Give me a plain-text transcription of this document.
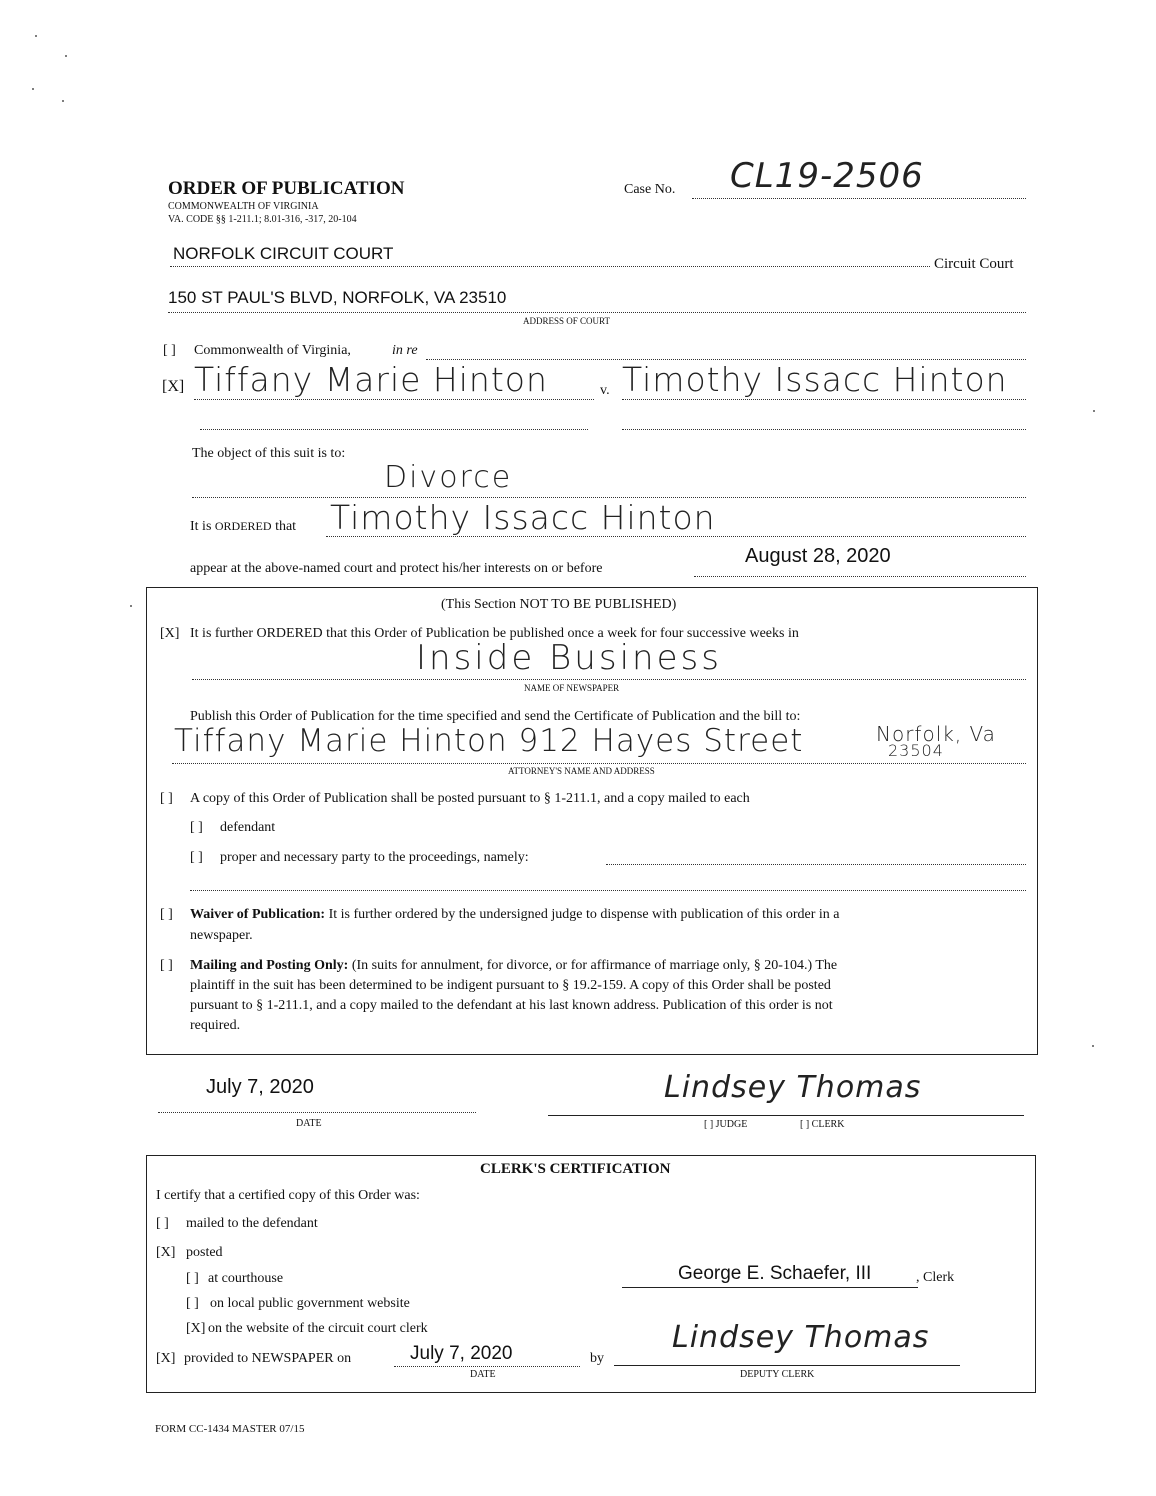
ORDER OF PUBLICATION
COMMONWEALTH OF VIRGINIA
VA. CODE §§ 1-211.1; 8.01-316, -317, 20-104
Case No. CL19-2506
NORFOLK CIRCUIT COURT
Circuit Court
150 ST PAUL'S BLVD, NORFOLK, VA 23510
ADDRESS OF COURT
[ ] Commonwealth of Virginia,	in re
[X] Tiffany Marie Hinton	v. Timothy Issacc Hinton
The object of this suit is to:
Divorce
It is ORDERED that Timothy Issacc Hinton
appear at the above-named court and protect his/her interests on or before
August 28, 2020
(This Section NOT TO BE PUBLISHED)
[X] It is further ORDERED that this Order of Publication be published once a week for four successive weeks in
Inside Business
NAME OF NEWSPAPER
Publish this Order of Publication for the time specified and send the Certificate of Publication and the bill to:
Tiffany Marie Hinton 912 Hayes Street	Norfolk, Va
23504
ATTORNEY'S NAME AND ADDRESS
[ ] A copy of this Order of Publication shall be posted pursuant to § 1-211.1, and a copy mailed to each
[ ] defendant
[ ] proper and necessary party to the proceedings, namely:
[ ] Waiver of Publication: It is further ordered by the undersigned judge to dispense with publication of this order in a
newspaper.
[ ] Mailing and Posting Only: (In suits for annulment, for divorce, or for affirmance of marriage only, § 20-104.) The
plaintiff in the suit has been determined to be indigent pursuant to § 19.2-159. A copy of this Order shall be posted
pursuant to § 1-211.1, and a copy mailed to the defendant at his last known address. Publication of this order is not
required.
July 7, 2020
DATE
Lindsey Thomas
[ ] JUDGE	[ ] CLERK
CLERK'S CERTIFICATION
I certify that a certified copy of this Order was:
[ ] mailed to the defendant
[X] posted
[ ] at courthouse	George E. Schaefer, III	, Clerk
[ ] on local public government website
[X] on the website of the circuit court clerk
[X] provided to NEWSPAPER on	July 7, 2020
DATE
by
Lindsey Thomas
DEPUTY CLERK
FORM CC-1434 MASTER 07/15
